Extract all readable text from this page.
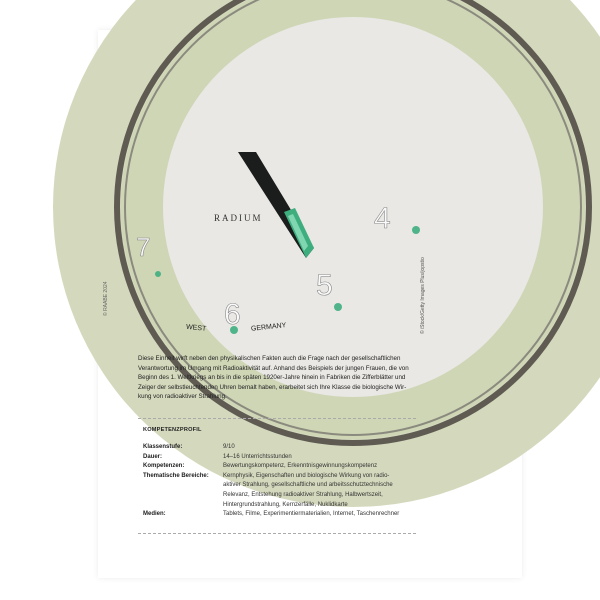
RADIUM	4
5
6
7
WEST	GERMANY
© RAABE 2024	© iStock/Getty Images Plus/jopstio

Diese Einheit wirft neben den physikalischen Fakten auch die Frage nach der gesellschaftlichen

Verantwortung im Umgang mit Radioaktivität auf. Anhand des Beispiels der jungen Frauen, die von

Beginn des 1. Weltkriegs an bis in die späten 1920er-Jahre hinein in Fabriken die Zifferblätter und

Zeiger der selbstleuchtenden Uhren bemalt haben, erarbeitet sich Ihre Klasse die biologische Wir-

kung von radioaktiver Strahlung.

KOMPETENZPROFIL
Klassenstufe:	9/10
Dauer:	14–16 Unterrichtsstunden
Kompetenzen:	Bewertungskompetenz, Erkenntnisgewinnungskompetenz
Thematische Bereiche:	Kernphysik, Eigenschaften und biologische Wirkung von radio-
aktiver Strahlung, gesellschaftliche und arbeitsschutztechnische
Relevanz, Entstehung radioaktiver Strahlung, Halbwertszeit,
Hintergrundstrahlung, Kernzerfälle, Nuklidkarte
Medien:	Tablets, Filme, Experimentiermaterialien, Internet, Taschenrechner
